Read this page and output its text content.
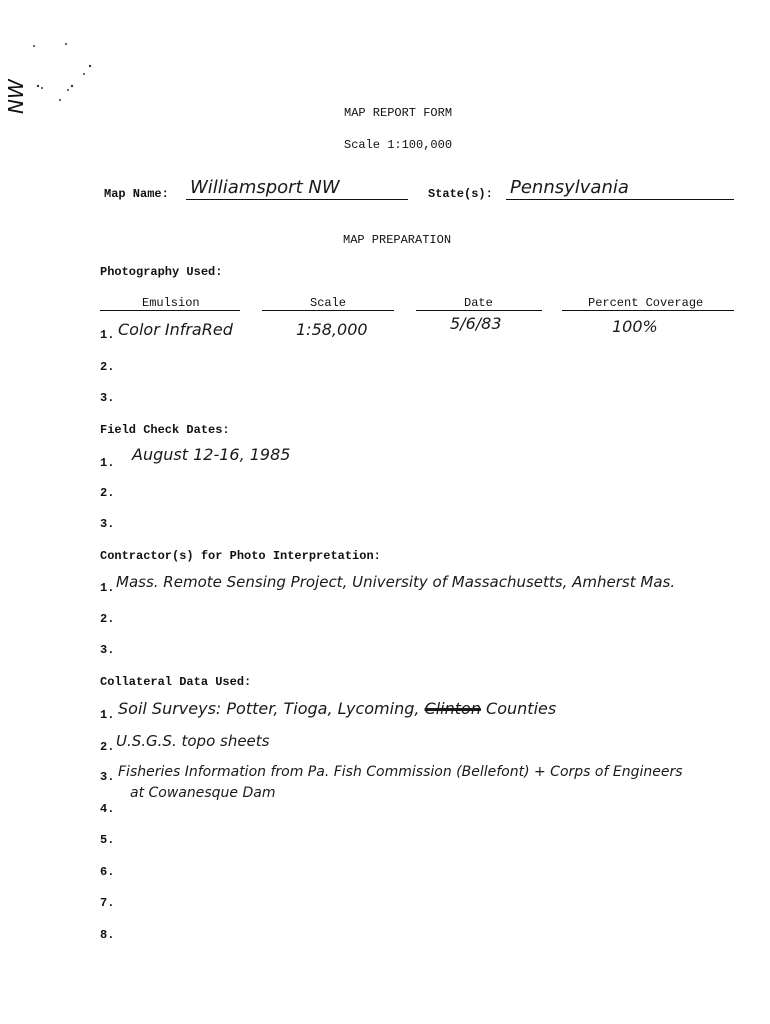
NW	MAP REPORT FORM
Scale 1:100,000
Map Name: Williamsport NW	State(s): Pennsylvania
MAP PREPARATION
Photography Used:
Emulsion	Scale	Date	Percent Coverage
1. Color InfraRed	1:58,000	5/6/83	100%
2.
3.
Field Check Dates:
1. August 12-16, 1985
2.
3.
Contractor(s) for Photo Interpretation:
1. Mass. Remote Sensing Project, University of Massachusetts, Amherst Mas.
2.
3.
Collateral Data Used:
1. Soil Surveys: Potter, Tioga, Lycoming, Clinton Counties
2. U.S.G.S. topo sheets
3. Fisheries Information from Pa. Fish Commission (Bellefont) + Corps of Engineers
4.
at Cowanesque Dam
5.
6.
7.
8.
